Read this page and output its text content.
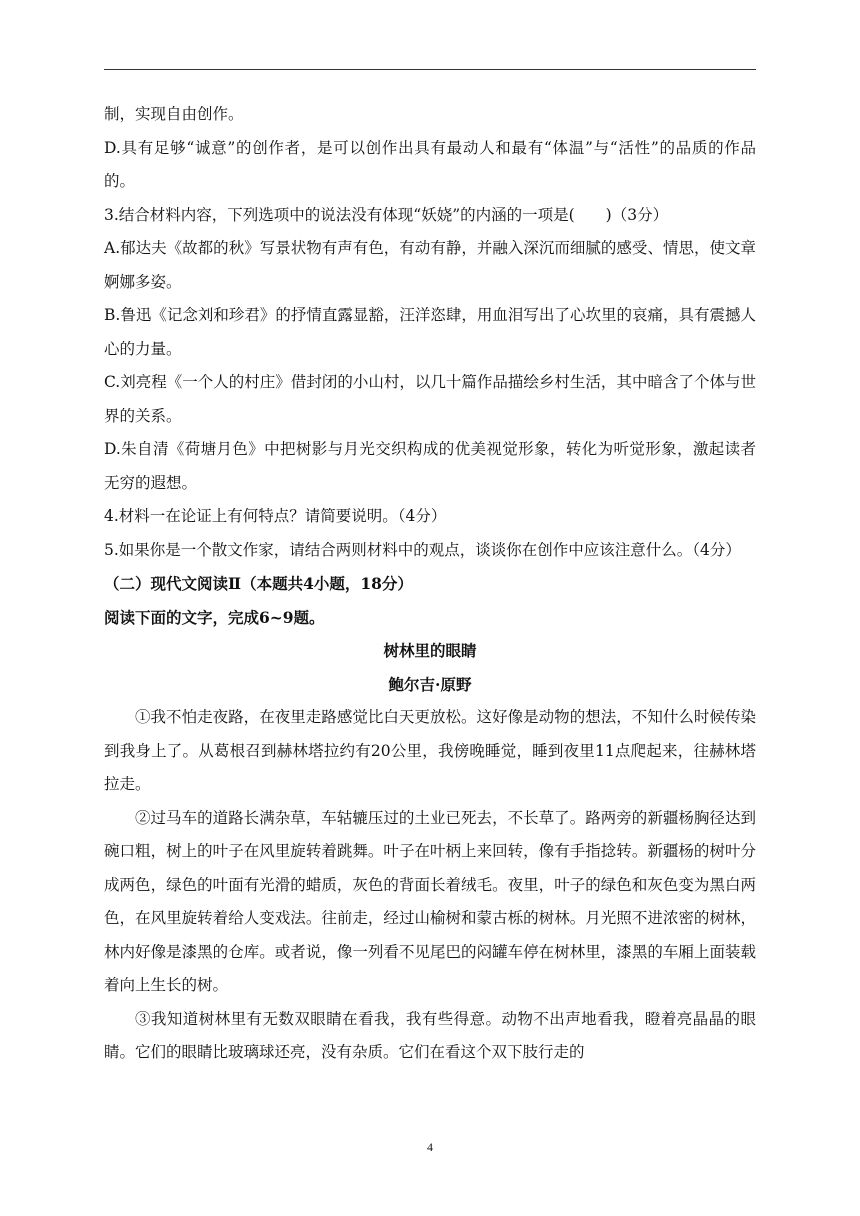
制，实现自由创作。

D.具有足够“诚意”的创作者，是可以创作出具有最动人和最有“体温”与“活性”的品质的作品的。

3.结合材料内容，下列选项中的说法没有体现“妖娆”的内涵的一项是(　　)（3分）

A.郁达夫《故都的秋》写景状物有声有色，有动有静，并融入深沉而细腻的感受、情思，使文章婀娜多姿。

B.鲁迅《记念刘和珍君》的抒情直露显豁，汪洋恣肆，用血泪写出了心坎里的哀痛，具有震撼人心的力量。

C.刘亮程《一个人的村庄》借封闭的小山村，以几十篇作品描绘乡村生活，其中暗含了个体与世界的关系。

D.朱自清《荷塘月色》中把树影与月光交织构成的优美视觉形象，转化为听觉形象，激起读者无穷的遐想。

4.材料一在论证上有何特点？请简要说明。（4分）

5.如果你是一个散文作家，请结合两则材料中的观点，谈谈你在创作中应该注意什么。（4分）

（二）现代文阅读Ⅱ（本题共4小题，18分）

阅读下面的文字，完成6~9题。

树林里的眼睛

鲍尔吉·原野

①我不怕走夜路，在夜里走路感觉比白天更放松。这好像是动物的想法，不知什么时候传染到我身上了。从葛根召到赫林塔拉约有20公里，我傍晚睡觉，睡到夜里11点爬起来，往赫林塔拉走。

②过马车的道路长满杂草，车轱辘压过的土业已死去，不长草了。路两旁的新疆杨胸径达到碗口粗，树上的叶子在风里旋转着跳舞。叶子在叶柄上来回转，像有手指捻转。新疆杨的树叶分成两色，绿色的叶面有光滑的蜡质，灰色的背面长着绒毛。夜里，叶子的绿色和灰色变为黑白两色，在风里旋转着给人变戏法。往前走，经过山榆树和蒙古栎的树林。月光照不进浓密的树林，林内好像是漆黑的仓库。或者说，像一列看不见尾巴的闷罐车停在树林里，漆黑的车厢上面装载着向上生长的树。

③我知道树林里有无数双眼睛在看我，我有些得意。动物不出声地看我，瞪着亮晶晶的眼睛。它们的眼睛比玻璃球还亮，没有杂质。它们在看这个双下肢行走的

4
